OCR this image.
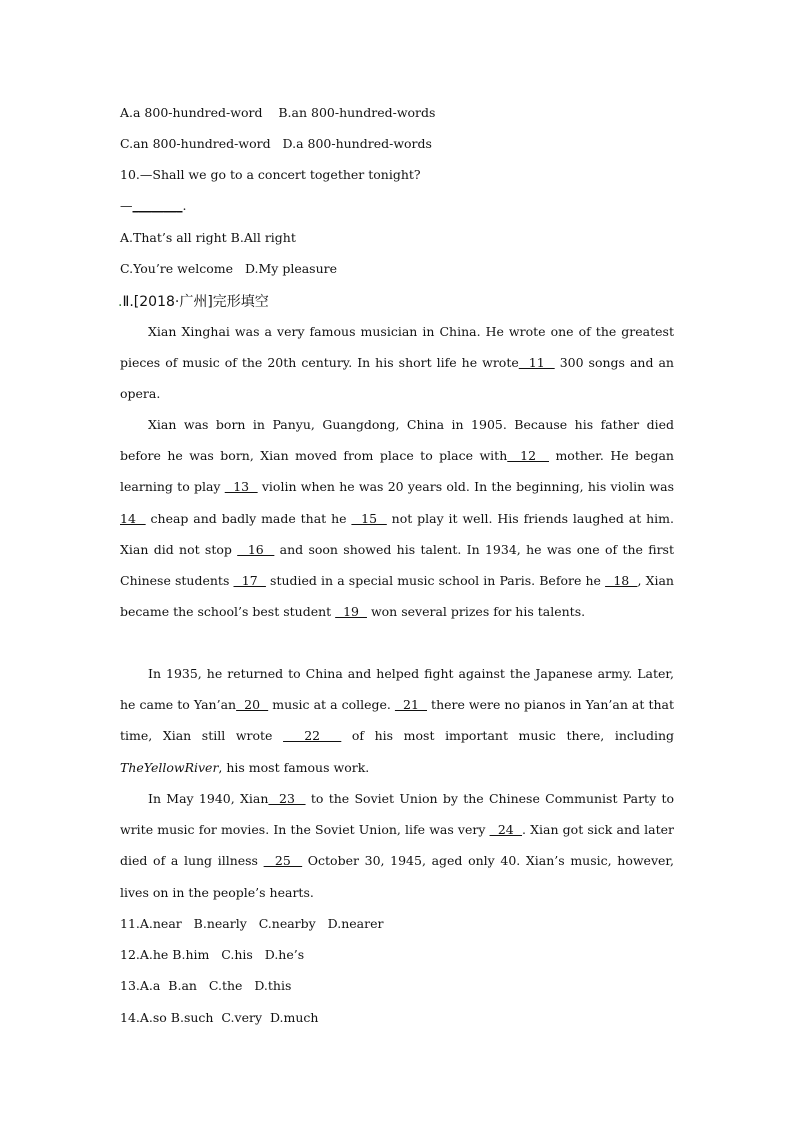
A.a 800-hundred-word    B.an 800-hundred-words
C.an 800-hundred-word   D.a 800-hundred-words
10.—Shall we go to a concert together tonight?
—________.
A.That’s all right B.All right
C.You’re welcome   D.My pleasure
.Ⅱ.[2018·广州]完形填空

Xian Xinghai was a very famous musician in China. He wrote one of the greatest pieces of music of the 20th century. In his short life he wrote  11   300 songs and an opera.

Xian was born in Panyu, Guangdong, China in 1905. Because his father died before he was born, Xian moved from place to place with  12   mother. He began learning to play   13   violin when he was 20 years old. In the beginning, his violin was 14   cheap and badly made that he   15   not play it well. His friends laughed at him. Xian did not stop   16   and soon showed his talent. In 1934, he was one of the first Chinese students   17   studied in a special music school in Paris. Before he   18  , Xian became the school’s best student   19   won several prizes for his talents.

In 1935, he returned to China and helped fight against the Japanese army. Later, he came to Yan’an  20   music at a college.   21   there were no pianos in Yan’an at that time, Xian still wrote   22   of his most important music there, including TheYellowRiver, his most famous work.

In May 1940, Xian  23   to the Soviet Union by the Chinese Communist Party to write music for movies. In the Soviet Union, life was very   24  . Xian got sick and later died of a lung illness   25   October 30, 1945, aged only 40. Xian’s music, however, lives on in the people’s hearts.

11.A.near   B.nearly   C.nearby   D.nearer
12.A.he B.him   C.his   D.he’s
13.A.a  B.an   C.the   D.this
14.A.so B.such  C.very  D.much
